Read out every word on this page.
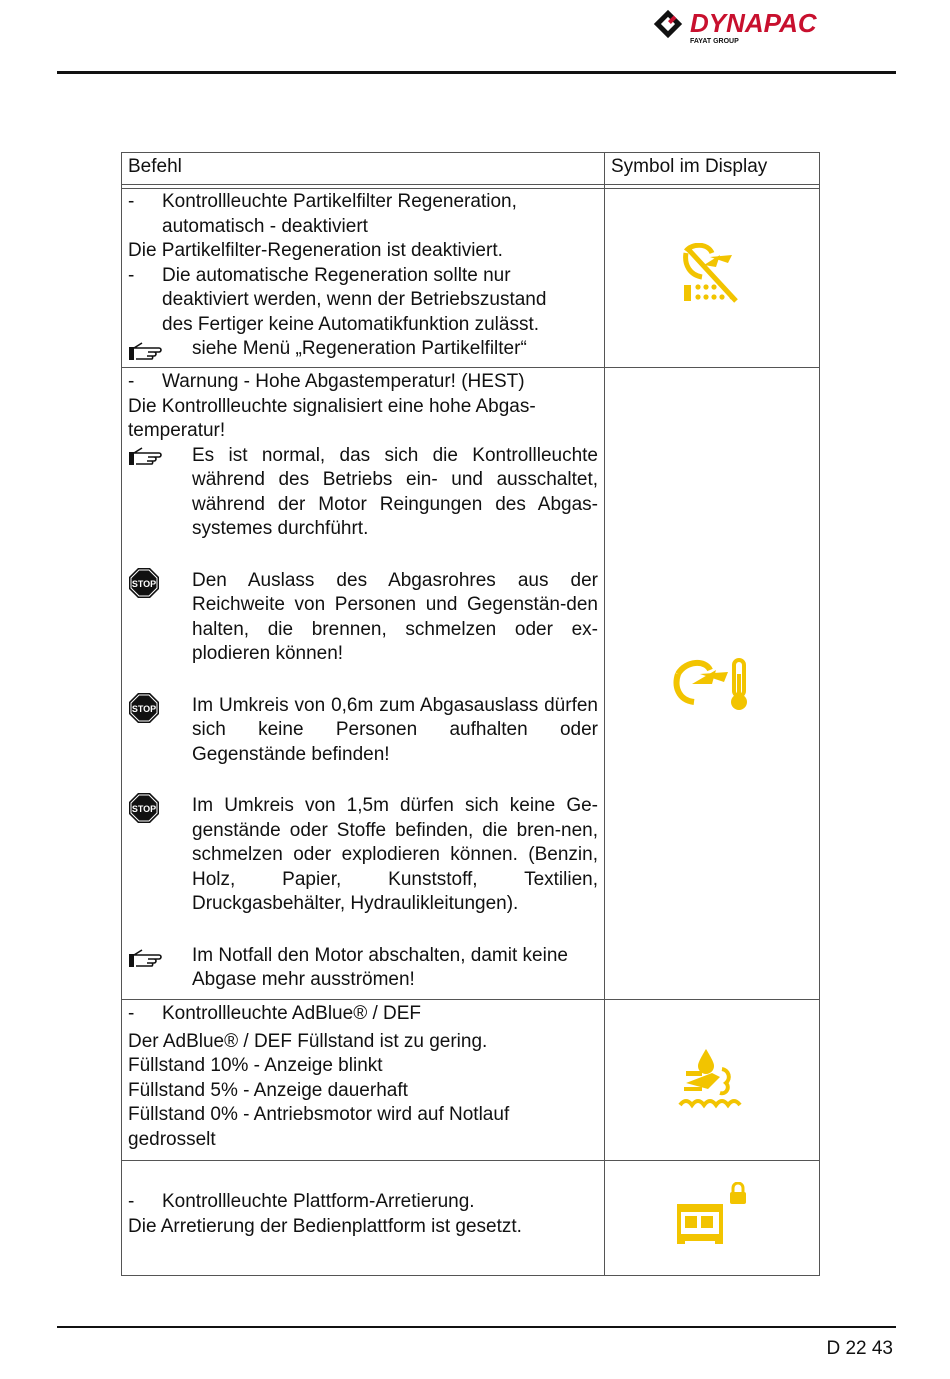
DYNAPAC
FAYAT GROUP
Befehl	Symbol im Display
- Kontrollleuchte Partikelfilter Regeneration,
automatisch - deaktiviert
Die Partikelfilter-Regeneration ist deaktiviert.
- Die automatische Regeneration sollte nur
deaktiviert werden, wenn der Betriebszustand
des Fertiger keine Automatikfunktion zulässt.
siehe Menü „Regeneration Partikelfilter“
- Warnung - Hohe Abgastemperatur! (HEST)
Die Kontrollleuchte signalisiert eine hohe Abgas-
temperatur!
Es ist normal, das sich die Kontrollleuchte während des Betriebs ein- und ausschaltet, während der Motor Reingungen des Abgas-systemes durchführt.
STOP Den Auslass des Abgasrohres aus der Reichweite von Personen und Gegenstän-den halten, die brennen, schmelzen oder ex-plodieren können!
STOP Im Umkreis von 0,6m zum Abgasauslass dürfen sich keine Personen aufhalten oder Gegenstände befinden!
STOP Im Umkreis von 1,5m dürfen sich keine Ge-genstände oder Stoffe befinden, die bren-nen, schmelzen oder explodieren können. (Benzin, Holz, Papier, Kunststoff, Textilien, Druckgasbehälter, Hydraulikleitungen).
Im Notfall den Motor abschalten, damit keine Abgase mehr ausströmen!
- Kontrollleuchte AdBlue® / DEF
Der AdBlue® / DEF Füllstand ist zu gering.
Füllstand 10% - Anzeige blinkt
Füllstand 5% - Anzeige dauerhaft
Füllstand 0% - Antriebsmotor wird auf Notlauf
gedrosselt
- Kontrollleuchte Plattform-Arretierung.
Die Arretierung der Bedienplattform ist gesetzt.
D 22 43
